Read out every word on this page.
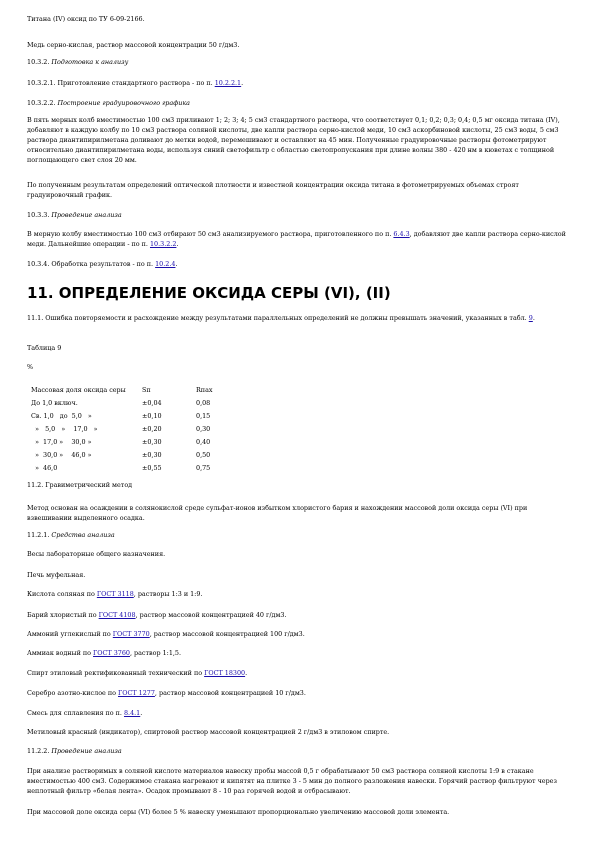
Титана (IV) оксид по ТУ 6-09-2166.

Медь серно-кислая, раствор массовой концентрации 50 г/дм3.

10.3.2. Подготовка к анализу

10.3.2.1. Приготовление стандартного раствора - по п. 10.2.2.1.

10.3.2.2. Построение градуировочного графика

В пять мерных колб вместимостью 100 см3 приливают 1; 2; 3; 4; 5 см3 стандартного раствора, что соответствует 0,1; 0,2; 0,3; 0,4; 0,5 мг оксида титана (IV), добавляют в каждую колбу по 10 см3 раствора соляной кислоты, две капли раствора серно-кислой меди, 10 см3 аскорбиновой кислоты, 25 см3 воды, 5 см3 раствора диантипирилметана доливают до метки водой, перемешивают и оставляют на 45 мин. Полученные градуировочные растворы фотометрируют относительно диантипирилметана воды, используя синий светофильтр с областью светопропускания при длине волны 380 - 420 нм в кюветах с толщиной поглощающего свет слоя 20 мм.

По полученным результатам определений оптической плотности и известной концентрации оксида титана в фотометрируемых объемах строят градуировочный график.

10.3.3. Проведение анализа

В мерную колбу вместимостью 100 см3 отбирают 50 см3 анализируемого раствора, приготовленного по п. 6.4.3, добавляют две капли раствора серно-кислой меди. Дальнейшие операции - по п. 10.3.2.2.

10.3.4. Обработка результатов - по п. 10.2.4.

11. ОПРЕДЕЛЕНИЕ ОКСИДА СЕРЫ (VI), (II)

11.1. Ошибка повторяемости и расхождение между результатами параллельных определений не должны превышать значений, указанных в табл. 9.

Таблица 9

%

Массовая доля оксида серы	Sп	Rпах
До 1,0 включ.	±0,04	0,08
Св. 1,0   до  5,0   »	±0,10	0,15
»   5,0   »    17,0   »	±0,20	0,30
»  17,0 »    30,0 »	±0,30	0,40
»  30,0 »    46,0 »	±0,30	0,50
»  46,0	±0,55	0,75

11.2. Гравиметрический метод

Метод основан на осаждении в солянокислой среде сульфат-ионов избытком хлористого бария и нахождении массовой доли оксида серы (VI) при взвешивании выделенного осадка.

11.2.1. Средства анализа

Весы лабораторные общего назначения.

Печь муфельная.

Кислота соляная по ГОСТ 3118, растворы 1:3 и 1:9.

Барий хлористый по ГОСТ 4108, раствор массовой концентрацией 40 г/дм3.

Аммоний углекислый по ГОСТ 3770, раствор массовой концентрацией 100 г/дм3.

Аммиак водный по ГОСТ 3760, раствор 1:1,5.

Спирт этиловый ректификованный технический по ГОСТ 18300.

Серебро азотно-кислое по ГОСТ 1277, раствор массовой концентрацией 10 г/дм3.

Смесь для сплавления по п. 8.4.1.

Метиловый красный (индикатор), спиртовой раствор массовой концентрацией 2 г/дм3 в этиловом спирте.

11.2.2. Проведение анализа

При анализе растворимых в соляной кислоте материалов навеску пробы массой 0,5 г обрабатывают 50 см3 раствора соляной кислоты 1:9 в стакане вместимостью 400 см3. Содержимое стакана нагревают и кипятят на плитке 3 - 5 мин до полного разложения навески. Горячий раствор фильтруют через неплотный фильтр «белая лента». Осадок промывают 8 - 10 раз горячей водой и отбрасывают.

При массовой доле оксида серы (VI) более 5 % навеску уменьшают пропорционально увеличению массовой доли элемента.
